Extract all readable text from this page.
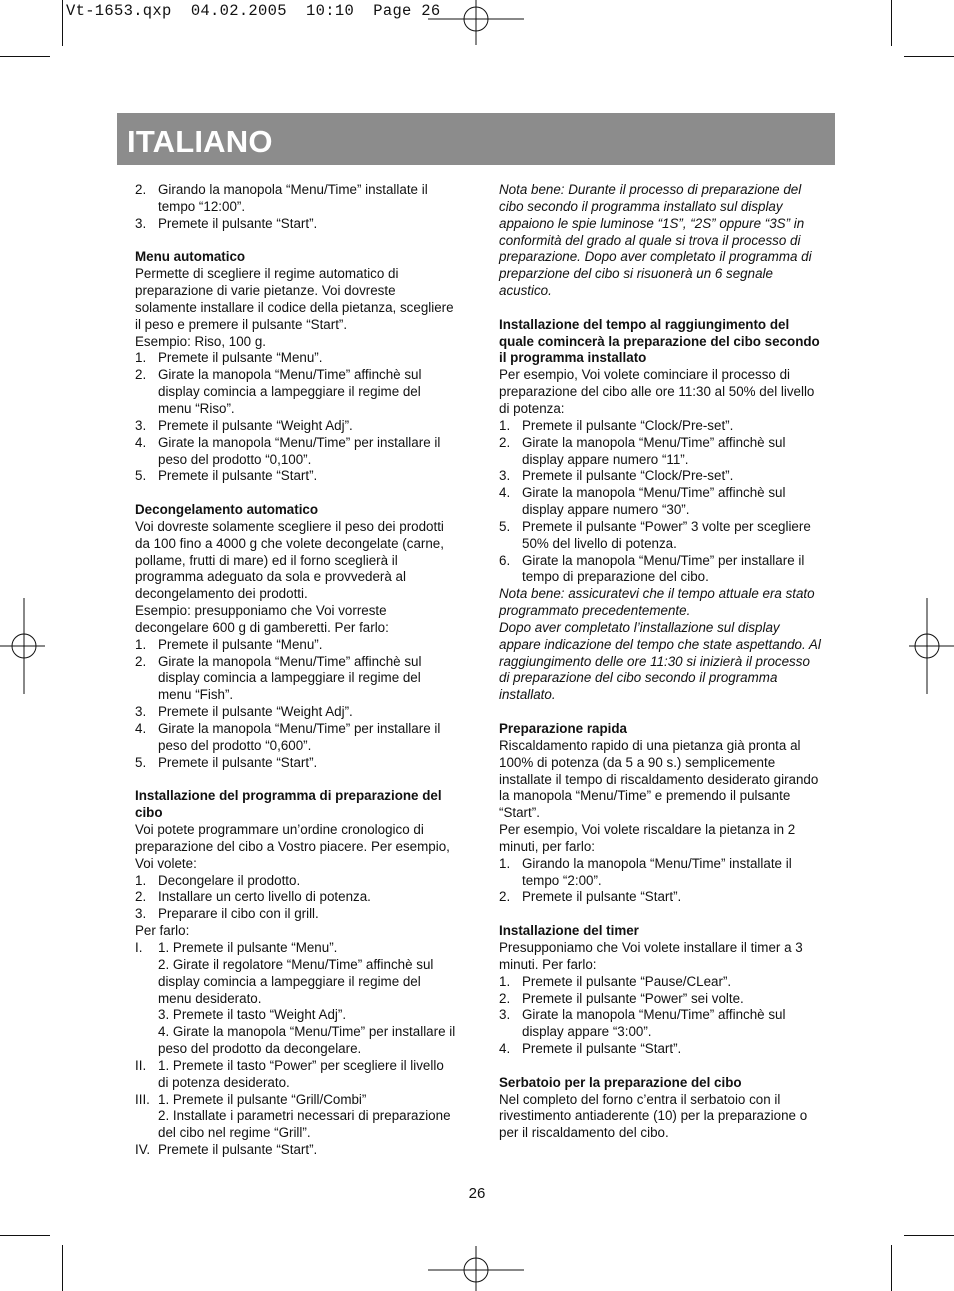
Vt-1653.qxp  04.02.2005  10:10  Page 26
ITALIANO
2. Girando la manopola “Menu/Time” installate il tempo “12:00”.
3. Premete il pulsante “Start”.

Menu automatico

Permette di scegliere il regime automatico di preparazione di varie pietanze. Voi dovreste solamente installare il codice della pietanza, scegliere il peso e premere il pulsante “Start”.

Esempio: Riso, 100 g.

1. Premete il pulsante “Menu”.
2. Girate la manopola “Menu/Time” affinchè sul display comincia a lampeggiare il regime del menu “Riso”.
3. Premete il pulsante “Weight Adj”.
4. Girate la manopola “Menu/Time” per installare il peso del prodotto “0,100”.
5. Premete il pulsante “Start”.

Decongelamento automatico

Voi dovreste solamente scegliere il peso dei prodotti da 100 fino a 4000 g che volete decongelate (carne, pollame, frutti di mare) ed il forno sceglierà il programma adeguato da sola e provvederà al decongelamento dei prodotti.

Esempio: presupponiamo che Voi vorreste decongelare 600 g di gamberetti. Per farlo:

1. Premete il pulsante “Menu”.
2. Girate la manopola “Menu/Time” affinchè sul display comincia a lampeggiare il regime del menu “Fish”.
3. Premete il pulsante “Weight Adj”.
4. Girate la manopola “Menu/Time” per installare il peso del prodotto “0,600”.
5. Premete il pulsante “Start”.

Installazione del programma di preparazione del cibo

Voi potete programmare un’ordine cronologico di preparazione del cibo a Vostro piacere. Per esempio, Voi volete:

1. Decongelare il prodotto.
2. Installare un certo livello di potenza.
3. Preparare il cibo con il grill.

Per farlo:

I.	1. Premete il pulsante “Menu”.

2. Girate il regolatore “Menu/Time” affinchè sul display comincia a lampeggiare il regime del menu desiderato.

3. Premete il tasto “Weight Adj”.

4. Girate la manopola “Menu/Time” per installare il peso del prodotto da decongelare.

II. 1. Premete il tasto “Power” per scegliere il livello di potenza desiderato.
III. 1. Premete il pulsante “Grill/Combi”

2. Installate i parametri necessari di preparazione del cibo nel regime “Grill”.

IV. Premete il pulsante “Start”.

Nota bene: Durante il processo di preparazione del cibo secondo il programma installato sul display appaiono le spie luminose “1S”, “2S” oppure “3S” in conformità del grado al quale si trova il processo di preparazione. Dopo aver completato il programma di preparzione del cibo si risuonerà un 6 segnale acustico.

Installazione del tempo al raggiungimento del quale comincerà la preparazione del cibo secondo il programma installato

Per esempio, Voi volete cominciare il processo di preparazione del cibo alle ore 11:30 al 50% del livello di potenza:

1. Premete il pulsante “Clock/Pre-set”.
2. Girate la manopola “Menu/Time” affinchè sul display appare numero “11”.
3. Premete il pulsante “Clock/Pre-set”.
4. Girate la manopola “Menu/Time” affinchè sul display appare numero “30”.
5. Premete il pulsante “Power” 3 volte per scegliere 50% del livello di potenza.
6. Girate la manopola “Menu/Time” per installare il tempo di preparazione del cibo.

Nota bene: assicuratevi che il tempo attuale era stato programmato precedentemente.

Dopo aver completato l’installazione sul display appare indicazione del tempo che state aspettando. Al raggiungimento delle ore 11:30 si inizierà il processo di preparazione del cibo secondo il programma installato.

Preparazione rapida

Riscaldamento rapido di una pietanza già pronta al 100% di potenza (da 5 a 90 s.) semplicemente installate il tempo di riscaldamento desiderato girando la manopola “Menu/Time” e premendo il pulsante “Start”.

Per esempio, Voi volete riscaldare la pietanza in 2 minuti, per farlo:

1. Girando la manopola “Menu/Time” installate il tempo “2:00”.
2. Premete il pulsante “Start”.

Installazione del timer

Presupponiamo che Voi volete installare il timer a 3 minuti. Per farlo:

1. Premete il pulsante “Pause/CLear”.
2. Premete il pulsante “Power” sei volte.
3. Girate la manopola “Menu/Time” affinchè sul display appare “3:00”.
4. Premete il pulsante “Start”.

Serbatoio per la preparazione del cibo

Nel completo del forno c’entra il serbatoio con il rivestimento antiaderente (10) per la preparazione o per il riscaldamento del cibo.

26
